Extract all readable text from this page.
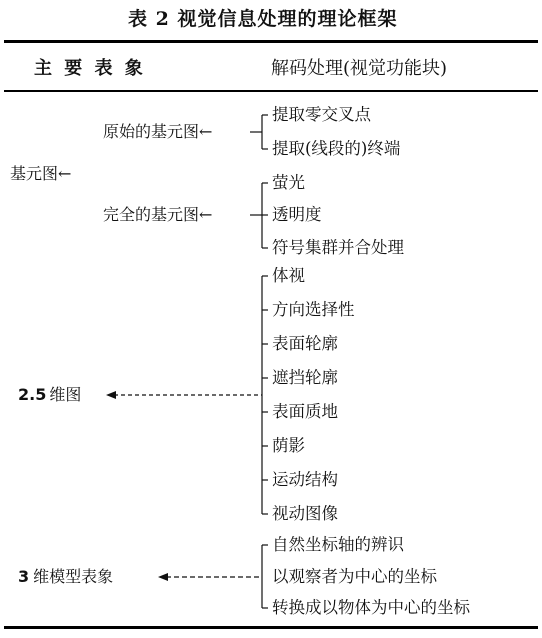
表 2 视觉信息处理的理论框架
主 要 表 象	解码处理(视觉功能块)
基元图←
原始的基元图←
提取零交叉点
提取(线段的)终端
完全的基元图←
萤光
透明度
符号集群并合处理
2.5 维图
体视
方向选择性
表面轮廓
遮挡轮廓
表面质地
荫影
运动结构
视动图像
3 维模型表象
自然坐标轴的辨识
以观察者为中心的坐标
转换成以物体为中心的坐标
